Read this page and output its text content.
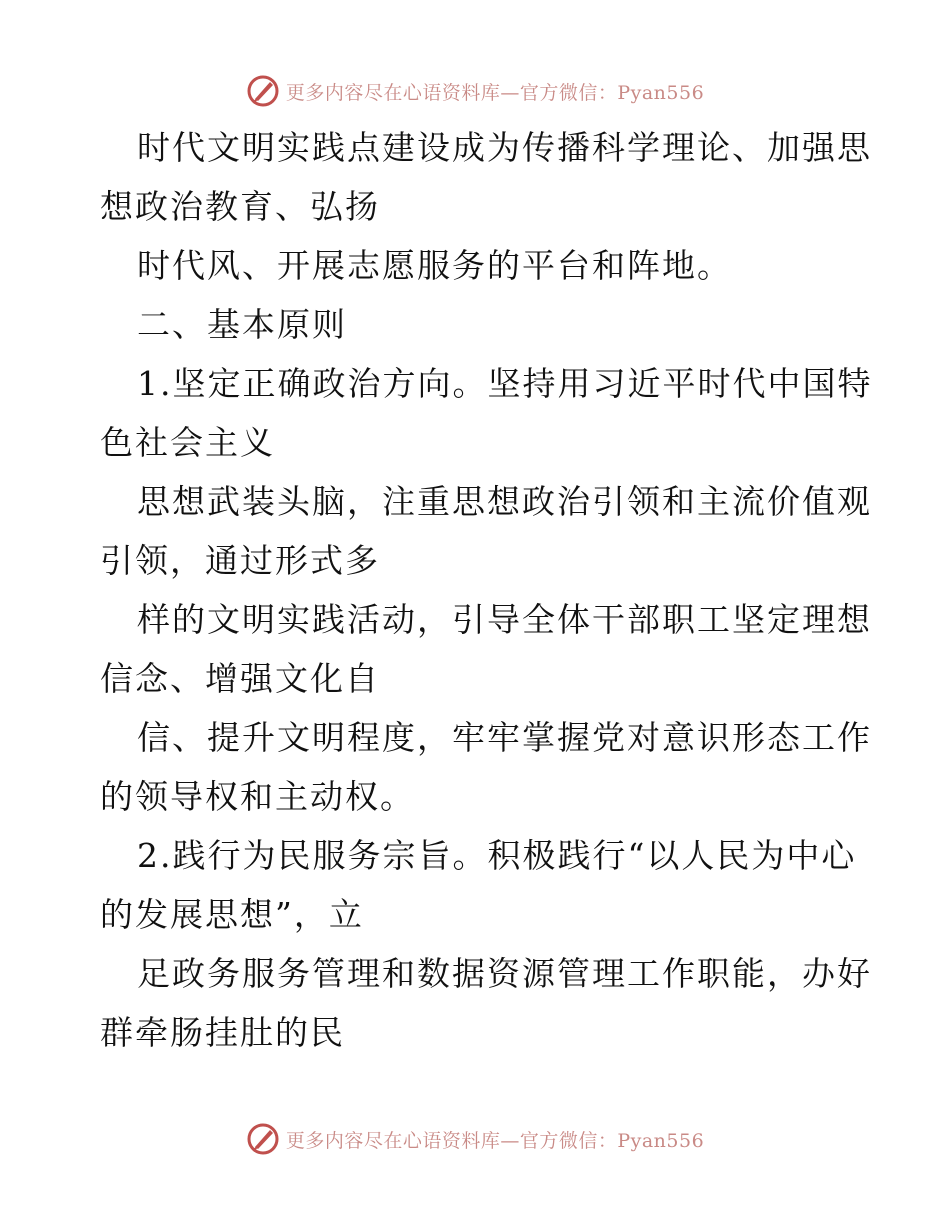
更多内容尽在心语资料库—官方微信：Pyan556
时代文明实践点建设成为传播科学理论、加强思
想政治教育、弘扬
时代风、开展志愿服务的平台和阵地。
二、基本原则
1.坚定正确政治方向。坚持用习近平时代中国特
色社会主义
思想武装头脑，注重思想政治引领和主流价值观
引领，通过形式多
样的文明实践活动，引导全体干部职工坚定理想
信念、增强文化自
信、提升文明程度，牢牢掌握党对意识形态工作
的领导权和主动权。
2.践行为民服务宗旨。积极践行“以人民为中心
的发展思想”，立
足政务服务管理和数据资源管理工作职能，办好
群牵肠挂肚的民
更多内容尽在心语资料库—官方微信：Pyan556
